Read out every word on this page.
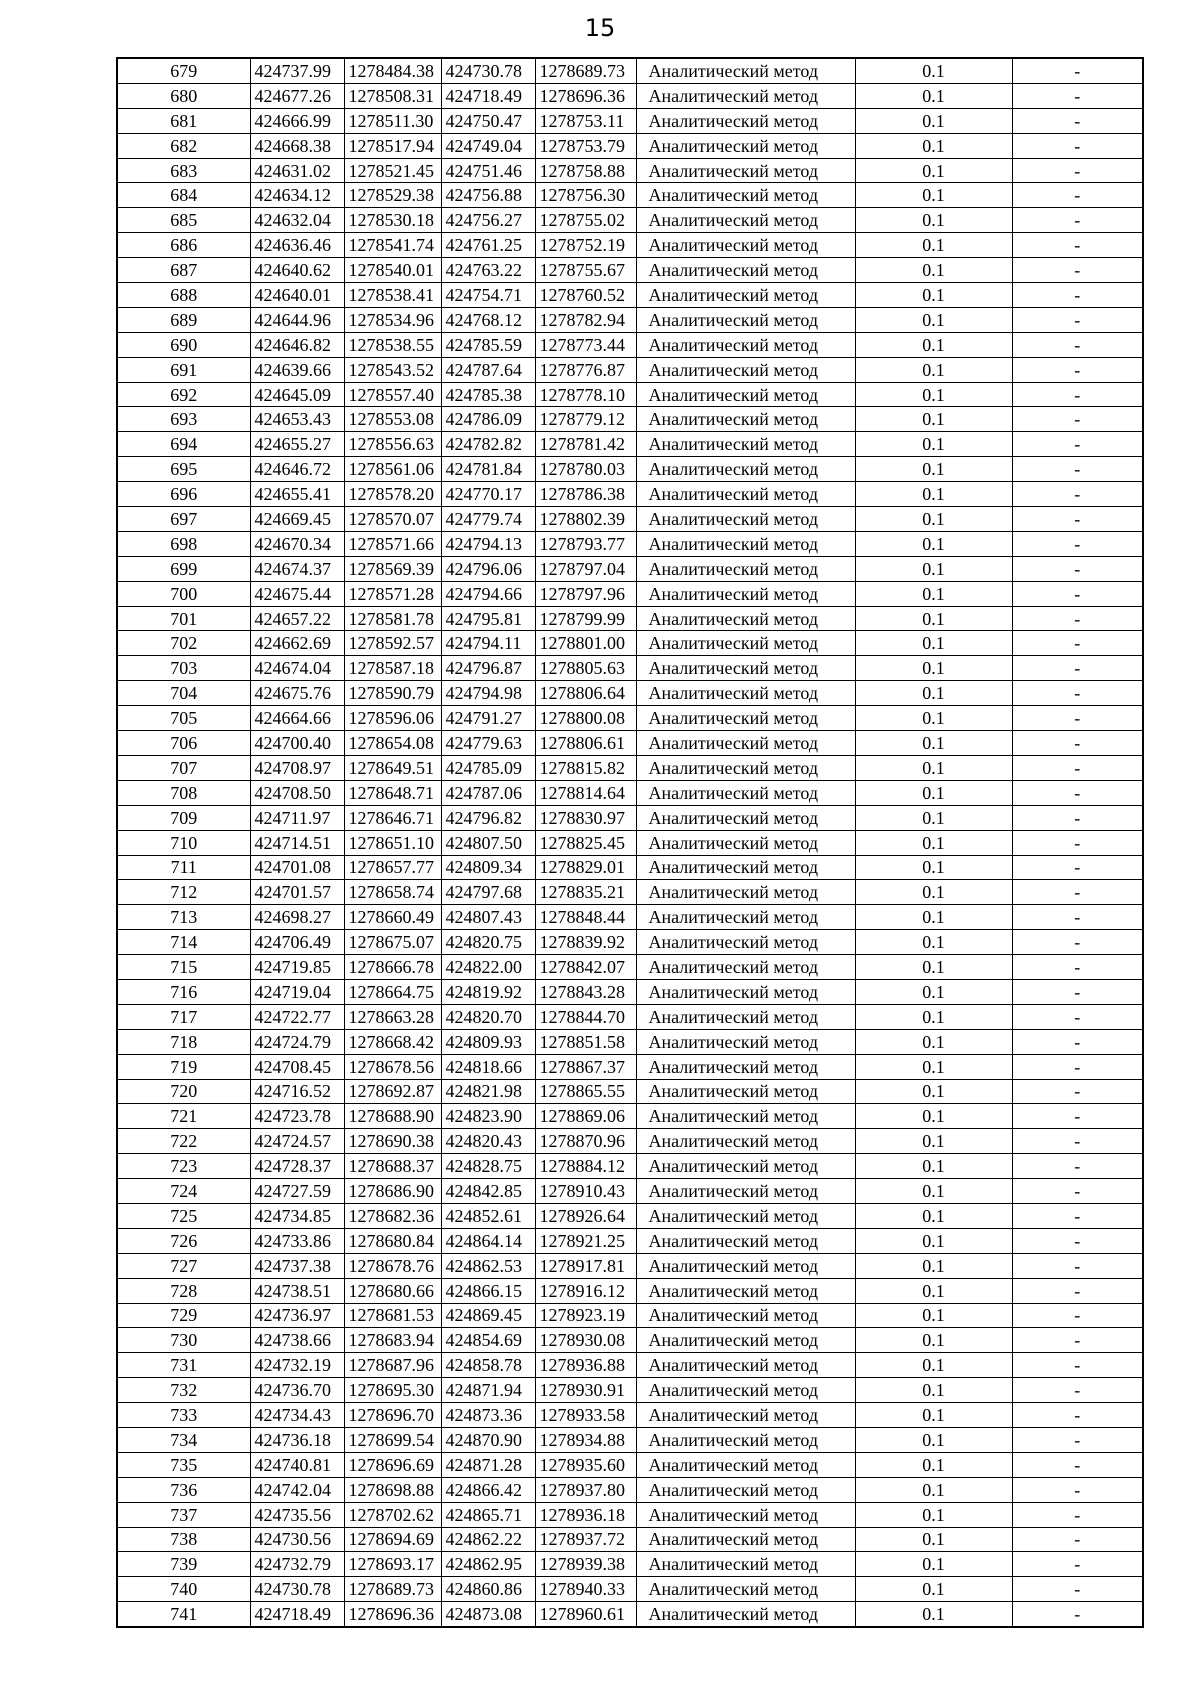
15
679	424737.99	1278484.38	424730.78	1278689.73	Аналитический метод	0.1	-
680	424677.26	1278508.31	424718.49	1278696.36	Аналитический метод	0.1	-
681	424666.99	1278511.30	424750.47	1278753.11	Аналитический метод	0.1	-
682	424668.38	1278517.94	424749.04	1278753.79	Аналитический метод	0.1	-
683	424631.02	1278521.45	424751.46	1278758.88	Аналитический метод	0.1	-
684	424634.12	1278529.38	424756.88	1278756.30	Аналитический метод	0.1	-
685	424632.04	1278530.18	424756.27	1278755.02	Аналитический метод	0.1	-
686	424636.46	1278541.74	424761.25	1278752.19	Аналитический метод	0.1	-
687	424640.62	1278540.01	424763.22	1278755.67	Аналитический метод	0.1	-
688	424640.01	1278538.41	424754.71	1278760.52	Аналитический метод	0.1	-
689	424644.96	1278534.96	424768.12	1278782.94	Аналитический метод	0.1	-
690	424646.82	1278538.55	424785.59	1278773.44	Аналитический метод	0.1	-
691	424639.66	1278543.52	424787.64	1278776.87	Аналитический метод	0.1	-
692	424645.09	1278557.40	424785.38	1278778.10	Аналитический метод	0.1	-
693	424653.43	1278553.08	424786.09	1278779.12	Аналитический метод	0.1	-
694	424655.27	1278556.63	424782.82	1278781.42	Аналитический метод	0.1	-
695	424646.72	1278561.06	424781.84	1278780.03	Аналитический метод	0.1	-
696	424655.41	1278578.20	424770.17	1278786.38	Аналитический метод	0.1	-
697	424669.45	1278570.07	424779.74	1278802.39	Аналитический метод	0.1	-
698	424670.34	1278571.66	424794.13	1278793.77	Аналитический метод	0.1	-
699	424674.37	1278569.39	424796.06	1278797.04	Аналитический метод	0.1	-
700	424675.44	1278571.28	424794.66	1278797.96	Аналитический метод	0.1	-
701	424657.22	1278581.78	424795.81	1278799.99	Аналитический метод	0.1	-
702	424662.69	1278592.57	424794.11	1278801.00	Аналитический метод	0.1	-
703	424674.04	1278587.18	424796.87	1278805.63	Аналитический метод	0.1	-
704	424675.76	1278590.79	424794.98	1278806.64	Аналитический метод	0.1	-
705	424664.66	1278596.06	424791.27	1278800.08	Аналитический метод	0.1	-
706	424700.40	1278654.08	424779.63	1278806.61	Аналитический метод	0.1	-
707	424708.97	1278649.51	424785.09	1278815.82	Аналитический метод	0.1	-
708	424708.50	1278648.71	424787.06	1278814.64	Аналитический метод	0.1	-
709	424711.97	1278646.71	424796.82	1278830.97	Аналитический метод	0.1	-
710	424714.51	1278651.10	424807.50	1278825.45	Аналитический метод	0.1	-
711	424701.08	1278657.77	424809.34	1278829.01	Аналитический метод	0.1	-
712	424701.57	1278658.74	424797.68	1278835.21	Аналитический метод	0.1	-
713	424698.27	1278660.49	424807.43	1278848.44	Аналитический метод	0.1	-
714	424706.49	1278675.07	424820.75	1278839.92	Аналитический метод	0.1	-
715	424719.85	1278666.78	424822.00	1278842.07	Аналитический метод	0.1	-
716	424719.04	1278664.75	424819.92	1278843.28	Аналитический метод	0.1	-
717	424722.77	1278663.28	424820.70	1278844.70	Аналитический метод	0.1	-
718	424724.79	1278668.42	424809.93	1278851.58	Аналитический метод	0.1	-
719	424708.45	1278678.56	424818.66	1278867.37	Аналитический метод	0.1	-
720	424716.52	1278692.87	424821.98	1278865.55	Аналитический метод	0.1	-
721	424723.78	1278688.90	424823.90	1278869.06	Аналитический метод	0.1	-
722	424724.57	1278690.38	424820.43	1278870.96	Аналитический метод	0.1	-
723	424728.37	1278688.37	424828.75	1278884.12	Аналитический метод	0.1	-
724	424727.59	1278686.90	424842.85	1278910.43	Аналитический метод	0.1	-
725	424734.85	1278682.36	424852.61	1278926.64	Аналитический метод	0.1	-
726	424733.86	1278680.84	424864.14	1278921.25	Аналитический метод	0.1	-
727	424737.38	1278678.76	424862.53	1278917.81	Аналитический метод	0.1	-
728	424738.51	1278680.66	424866.15	1278916.12	Аналитический метод	0.1	-
729	424736.97	1278681.53	424869.45	1278923.19	Аналитический метод	0.1	-
730	424738.66	1278683.94	424854.69	1278930.08	Аналитический метод	0.1	-
731	424732.19	1278687.96	424858.78	1278936.88	Аналитический метод	0.1	-
732	424736.70	1278695.30	424871.94	1278930.91	Аналитический метод	0.1	-
733	424734.43	1278696.70	424873.36	1278933.58	Аналитический метод	0.1	-
734	424736.18	1278699.54	424870.90	1278934.88	Аналитический метод	0.1	-
735	424740.81	1278696.69	424871.28	1278935.60	Аналитический метод	0.1	-
736	424742.04	1278698.88	424866.42	1278937.80	Аналитический метод	0.1	-
737	424735.56	1278702.62	424865.71	1278936.18	Аналитический метод	0.1	-
738	424730.56	1278694.69	424862.22	1278937.72	Аналитический метод	0.1	-
739	424732.79	1278693.17	424862.95	1278939.38	Аналитический метод	0.1	-
740	424730.78	1278689.73	424860.86	1278940.33	Аналитический метод	0.1	-
741	424718.49	1278696.36	424873.08	1278960.61	Аналитический метод	0.1	-
